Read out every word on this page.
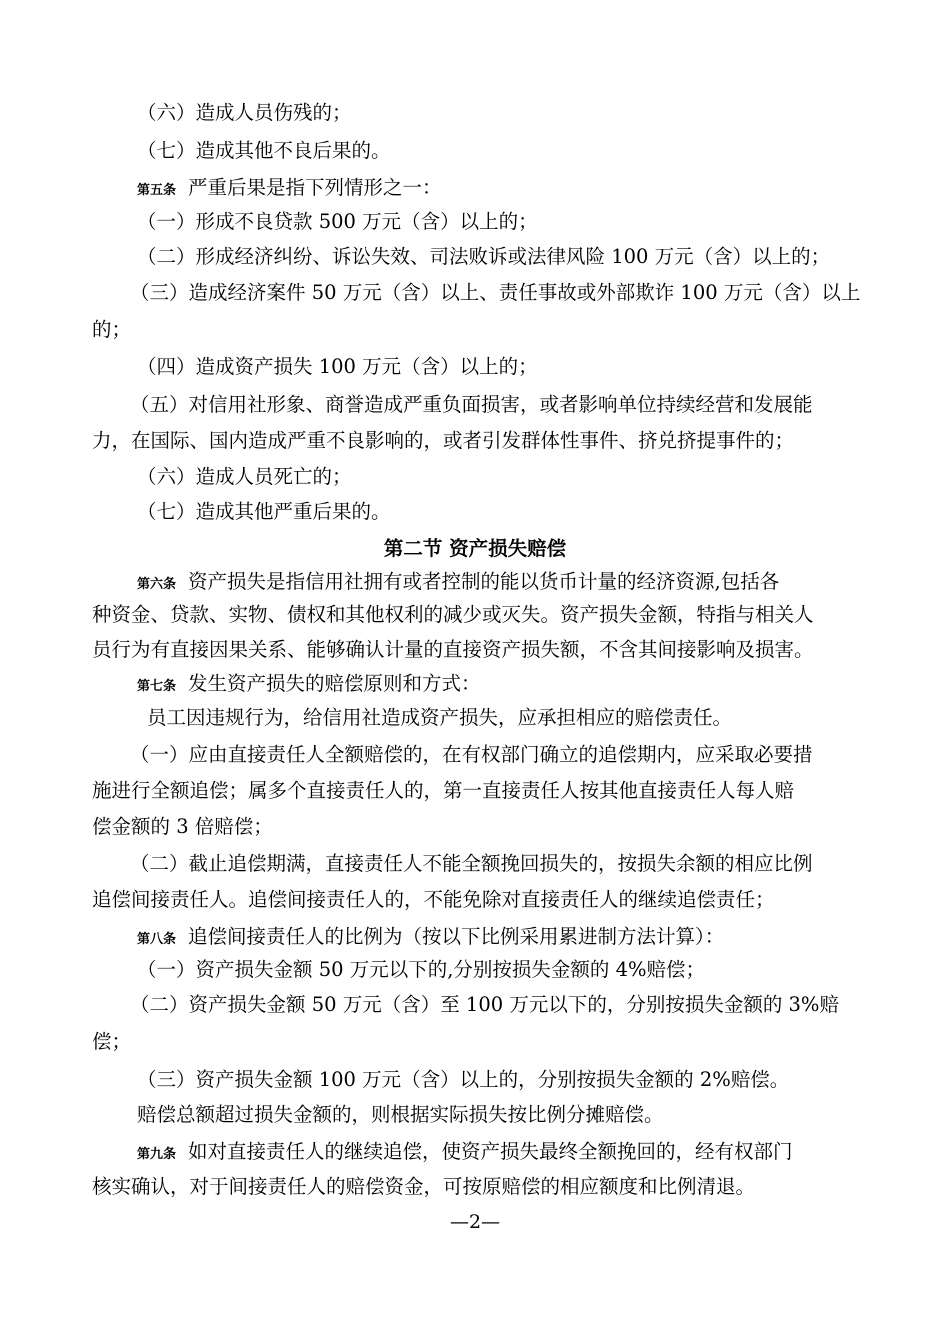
（六）造成人员伤残的；
（七）造成其他不良后果的。
第五条 严重后果是指下列情形之一：
（一）形成不良贷款 500 万元（含）以上的；
（二）形成经济纠纷、诉讼失效、司法败诉或法律风险 100 万元（含）以上的；
（三）造成经济案件 50 万元（含）以上、责任事故或外部欺诈 100 万元（含）以上
的；
（四）造成资产损失 100 万元（含）以上的；
（五）对信用社形象、商誉造成严重负面损害，或者影响单位持续经营和发展能
力，在国际、国内造成严重不良影响的，或者引发群体性事件、挤兑挤提事件的；
（六）造成人员死亡的；
（七）造成其他严重后果的。
第二节 资产损失赔偿
第六条 资产损失是指信用社拥有或者控制的能以货币计量的经济资源,包括各
种资金、贷款、实物、债权和其他权利的减少或灭失。资产损失金额，特指与相关人
员行为有直接因果关系、能够确认计量的直接资产损失额，不含其间接影响及损害。
第七条 发生资产损失的赔偿原则和方式：
员工因违规行为，给信用社造成资产损失，应承担相应的赔偿责任。
（一）应由直接责任人全额赔偿的，在有权部门确立的追偿期内，应采取必要措
施进行全额追偿；属多个直接责任人的，第一直接责任人按其他直接责任人每人赔
偿金额的 3 倍赔偿；
（二）截止追偿期满，直接责任人不能全额挽回损失的，按损失余额的相应比例
追偿间接责任人。追偿间接责任人的，不能免除对直接责任人的继续追偿责任；
第八条 追偿间接责任人的比例为（按以下比例采用累进制方法计算）：
（一）资产损失金额 50 万元以下的,分别按损失金额的 4%赔偿；
（二）资产损失金额 50 万元（含）至 100 万元以下的，分别按损失金额的 3%赔
偿；
（三）资产损失金额 100 万元（含）以上的，分别按损失金额的 2%赔偿。
赔偿总额超过损失金额的，则根据实际损失按比例分摊赔偿。
第九条 如对直接责任人的继续追偿，使资产损失最终全额挽回的，经有权部门
核实确认，对于间接责任人的赔偿资金，可按原赔偿的相应额度和比例清退。
—2—
